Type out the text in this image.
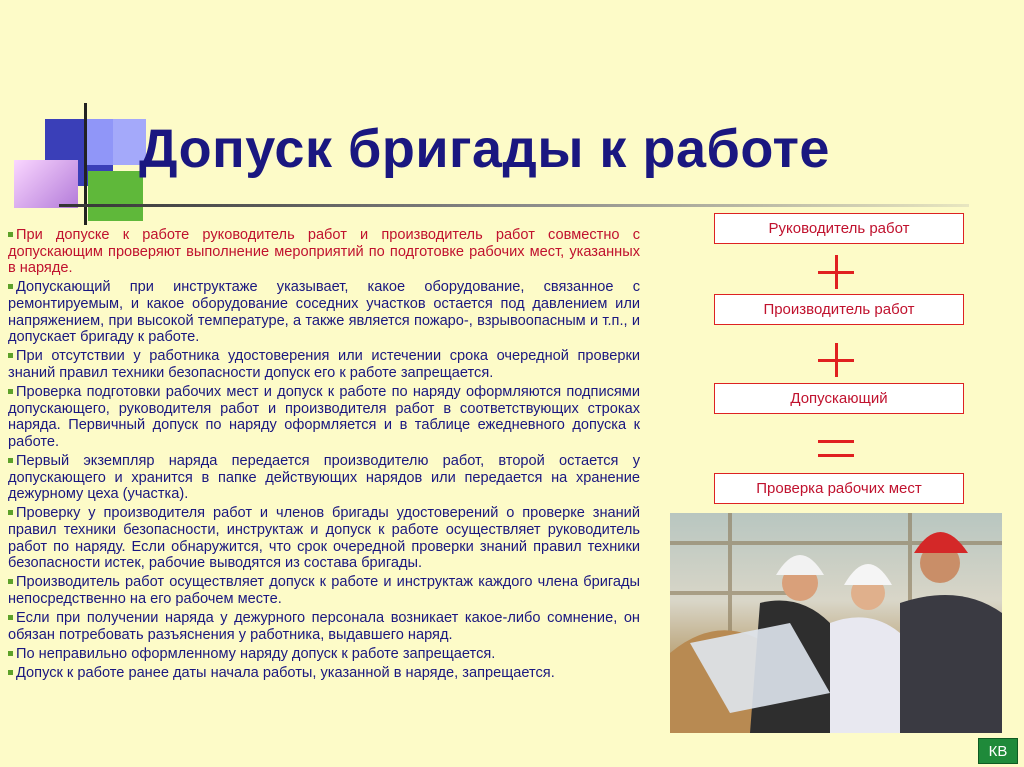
Допуск бригады к работе
При допуске к работе руководитель работ и производитель работ совместно с допускающим проверяют выполнение мероприятий по подготовке рабочих мест, указанных в наряде.
Допускающий при инструктаже указывает, какое оборудование, связанное с ремонтируемым, и какое оборудование соседних участков остается под давлением или напряжением, при высокой температуре, а также является пожаро-, взрывоопасным и т.п., и допускает бригаду к работе.
При отсутствии у работника удостоверения или истечении срока очередной проверки знаний правил техники безопасности допуск его к работе запрещается.
Проверка подготовки рабочих мест и допуск к работе по наряду оформляются подписями допускающего, руководителя работ и производителя работ в соответствующих строках наряда. Первичный допуск по наряду оформляется и в таблице ежедневного допуска к работе.
Первый экземпляр наряда передается производителю работ, второй остается у допускающего и хранится в папке действующих нарядов или передается на хранение дежурному цеха (участка).
Проверку у производителя работ и членов бригады удостоверений о проверке знаний правил техники безопасности, инструктаж и допуск к работе осуществляет руководитель работ по наряду. Если обнаружится, что срок очередной проверки знаний правил техники безопасности истек, рабочие выводятся из состава бригады.
Производитель работ осуществляет допуск к работе и инструктаж каждого члена бригады непосредственно на его рабочем месте.
Если при получении наряда у дежурного персонала возникает какое-либо сомнение, он обязан потребовать разъяснения у работника, выдавшего наряд.
По неправильно оформленному наряду допуск к работе запрещается.
Допуск к работе ранее даты начала работы, указанной в наряде, запрещается.
Руководитель работ
Производитель работ
Допускающий
Проверка рабочих мест
КВ
